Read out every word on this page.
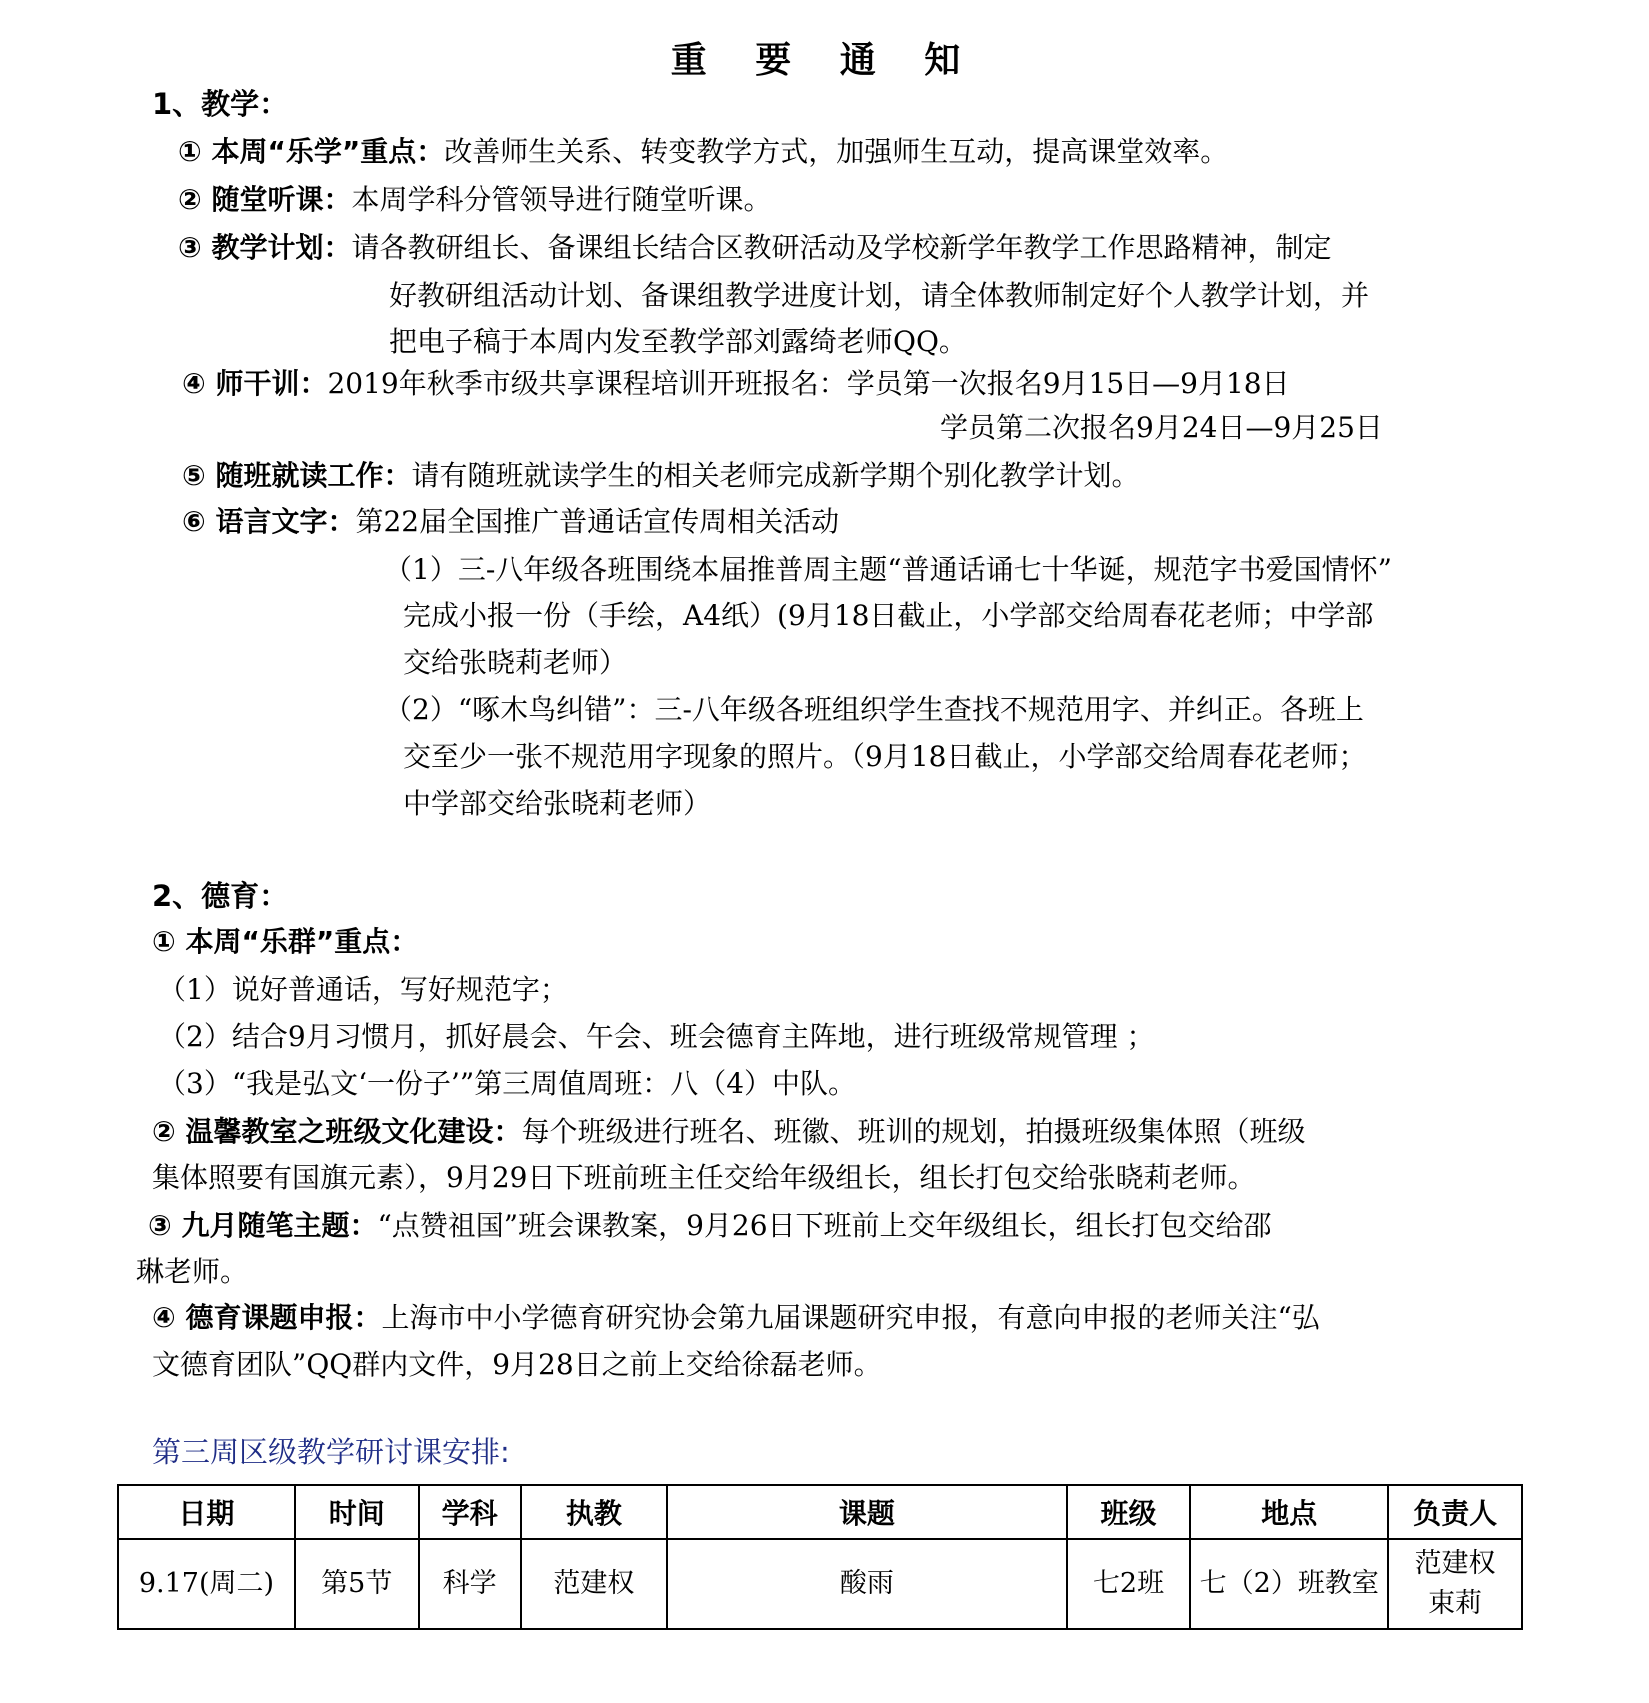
重 要 通 知
1、教学：
① 本周“乐学”重点：改善师生关系、转变教学方式，加强师生互动，提高课堂效率。
② 随堂听课：本周学科分管领导进行随堂听课。
③ 教学计划：请各教研组长、备课组长结合区教研活动及学校新学年教学工作思路精神，制定
好教研组活动计划、备课组教学进度计划，请全体教师制定好个人教学计划，并
把电子稿于本周内发至教学部刘露绮老师QQ。
④ 师干训：2019年秋季市级共享课程培训开班报名：学员第一次报名9月15日—9月18日
学员第二次报名9月24日—9月25日
⑤ 随班就读工作：请有随班就读学生的相关老师完成新学期个别化教学计划。
⑥ 语言文字：第22届全国推广普通话宣传周相关活动
（1）三-八年级各班围绕本届推普周主题“普通话诵七十华诞，规范字书爱国情怀”
完成小报一份（手绘，A4纸）(9月18日截止，小学部交给周春花老师；中学部
交给张晓莉老师）
（2）“啄木鸟纠错”：三-八年级各班组织学生查找不规范用字、并纠正。各班上
交至少一张不规范用字现象的照片。（9月18日截止，小学部交给周春花老师；
中学部交给张晓莉老师）
2、德育：
① 本周“乐群”重点：
（1）说好普通话，写好规范字；
（2）结合9月习惯月，抓好晨会、午会、班会德育主阵地，进行班级常规管理 ；
（3）“我是弘文‘一份子’”第三周值周班：八（4）中队。
② 温馨教室之班级文化建设：每个班级进行班名、班徽、班训的规划，拍摄班级集体照（班级
集体照要有国旗元素），9月29日下班前班主任交给年级组长，组长打包交给张晓莉老师。
③ 九月随笔主题：“点赞祖国”班会课教案，9月26日下班前上交年级组长，组长打包交给邵
琳老师。
④ 德育课题申报：上海市中小学德育研究协会第九届课题研究申报，有意向申报的老师关注“弘
文德育团队”QQ群内文件，9月28日之前上交给徐磊老师。
第三周区级教学研讨课安排:
日期	时间	学科	执教	课题	班级	地点	负责人
9.17(周二)	第5节	科学	范建权	酸雨	七2班	七（2）班教室	范建权
束莉
